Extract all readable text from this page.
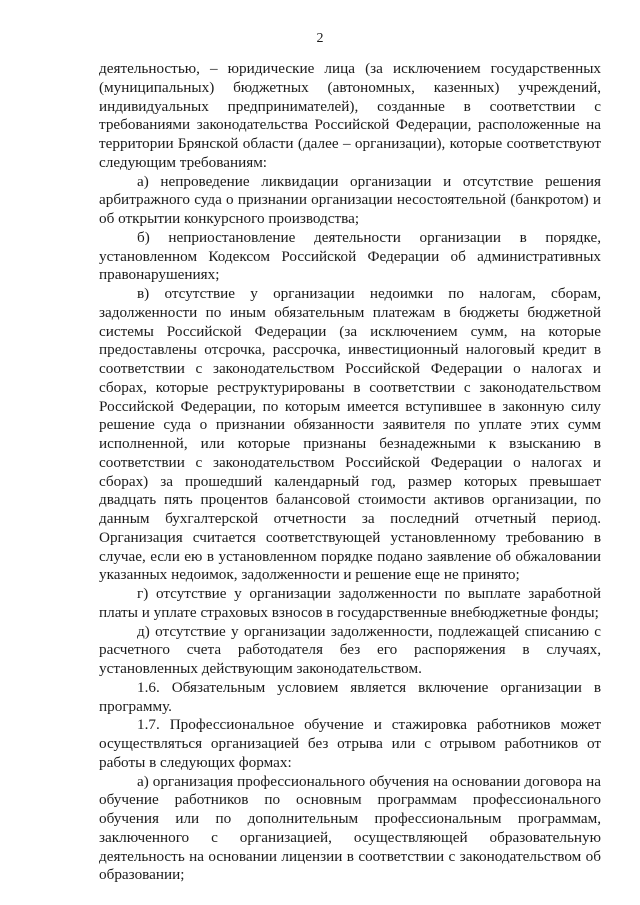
2

деятельностью, – юридические лица (за исключением государственных (муниципальных) бюджетных (автономных, казенных) учреждений, индивидуальных предпринимателей), созданные в соответствии с требованиями законодательства Российской Федерации, расположенные на территории Брянской области (далее – организации), которые соответствуют следующим требованиям:

а) непроведение ликвидации организации и отсутствие решения арбитражного суда о признании организации несостоятельной (банкротом) и об открытии конкурсного производства;

б) неприостановление деятельности организации в порядке, установленном Кодексом Российской Федерации об административных правонарушениях;

в) отсутствие у организации недоимки по налогам, сборам, задолженности по иным обязательным платежам в бюджеты бюджетной системы Российской Федерации (за исключением сумм, на которые предоставлены отсрочка, рассрочка, инвестиционный налоговый кредит в соответствии с законодательством Российской Федерации о налогах и сборах, которые реструктурированы в соответствии с законодательством Российской Федерации, по которым имеется вступившее в законную силу решение суда о признании обязанности заявителя по уплате этих сумм исполненной, или которые признаны безнадежными к взысканию в соответствии с законодательством Российской Федерации о налогах и сборах) за прошедший календарный год, размер которых превышает двадцать пять процентов балансовой стоимости активов организации, по данным бухгалтерской отчетности за последний отчетный период. Организация считается соответствующей установленному требованию в случае, если ею в установленном порядке подано заявление об обжаловании указанных недоимок, задолженности и решение еще не принято;

г) отсутствие у организации задолженности по выплате заработной платы и уплате страховых взносов в государственные внебюджетные фонды;

д) отсутствие у организации задолженности, подлежащей списанию с расчетного счета работодателя без его распоряжения в случаях, установленных действующим законодательством.

1.6. Обязательным условием является включение организации в программу.

1.7. Профессиональное обучение и стажировка работников может осуществляться организацией без отрыва или с отрывом работников от работы в следующих формах:

а) организация профессионального обучения на основании договора на обучение работников по основным программам профессионального обучения или по дополнительным профессиональным программам, заключенного с организацией, осуществляющей образовательную деятельность на основании лицензии в соответствии с законодательством об образовании;
